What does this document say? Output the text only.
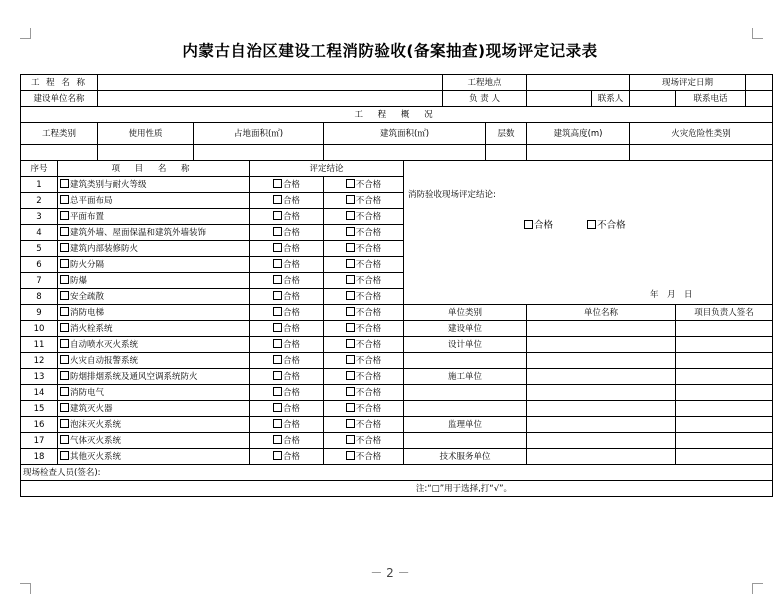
内蒙古自治区建设工程消防验收(备案抽查)现场评定记录表
工 程 名 称							工程地点				现场评定日期		
建设单位名称							负 责 人			联系人		联系电话	
工 程 概 况													
工程类别		使用性质	占地面积(㎡)		建筑面积(㎡)			层数	建筑高度(m)		火灾危险性类别		

序号	项 目 名 称			评定结论		消防验收现场评定结论:
合格 不合格
年　月　日							

1	建筑类别与耐火等级			合格	不合格								
2	总平面布局			合格	不合格								
3	平面布置			合格	不合格								
4	建筑外墙、屋面保温和建筑外墙装饰			合格	不合格								
5	建筑内部装修防火			合格	不合格								
6	防火分隔			合格	不合格								
7	防爆			合格	不合格								
8	安全疏散			合格	不合格								
9	消防电梯			合格	不合格	单位类别			单位名称			项目负责人签名	
10	消火栓系统			合格	不合格	建设单位							
11	自动喷水灭火系统			合格	不合格	设计单位							
12	火灾自动报警系统			合格	不合格								
13	防烟排烟系统及通风空调系统防火			合格	不合格	施工单位							
14	消防电气			合格	不合格								
15	建筑灭火器			合格	不合格								
16	泡沫灭火系统			合格	不合格	监理单位							
17	气体灭火系统			合格	不合格								
18	其他灭火系统			合格	不合格	技术服务单位							
现场检查人员(签名):													
注:“□”用于选择,打“√”。													
－ 2 －
